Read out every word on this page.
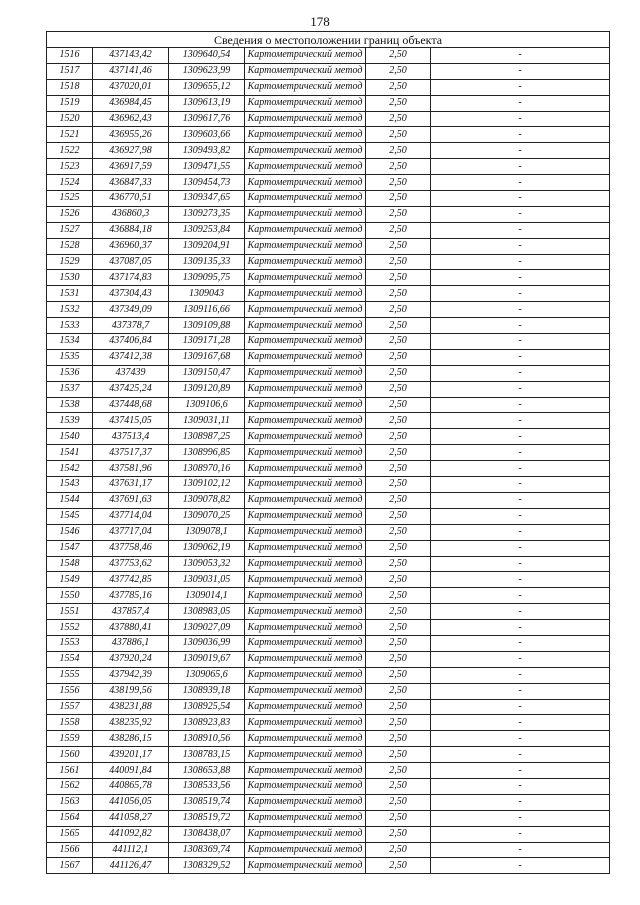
178
Сведения о местоположении границ объекта					
1516	437143,42	1309640,54	Картометрический метод	2,50	-
1517	437141,46	1309623,99	Картометрический метод	2,50	-
1518	437020,01	1309655,12	Картометрический метод	2,50	-
1519	436984,45	1309613,19	Картометрический метод	2,50	-
1520	436962,43	1309617,76	Картометрический метод	2,50	-
1521	436955,26	1309603,66	Картометрический метод	2,50	-
1522	436927,98	1309493,82	Картометрический метод	2,50	-
1523	436917,59	1309471,55	Картометрический метод	2,50	-
1524	436847,33	1309454,73	Картометрический метод	2,50	-
1525	436770,51	1309347,65	Картометрический метод	2,50	-
1526	436860,3	1309273,35	Картометрический метод	2,50	-
1527	436884,18	1309253,84	Картометрический метод	2,50	-
1528	436960,37	1309204,91	Картометрический метод	2,50	-
1529	437087,05	1309135,33	Картометрический метод	2,50	-
1530	437174,83	1309095,75	Картометрический метод	2,50	-
1531	437304,43	1309043	Картометрический метод	2,50	-
1532	437349,09	1309116,66	Картометрический метод	2,50	-
1533	437378,7	1309109,88	Картометрический метод	2,50	-
1534	437406,84	1309171,28	Картометрический метод	2,50	-
1535	437412,38	1309167,68	Картометрический метод	2,50	-
1536	437439	1309150,47	Картометрический метод	2,50	-
1537	437425,24	1309120,89	Картометрический метод	2,50	-
1538	437448,68	1309106,6	Картометрический метод	2,50	-
1539	437415,05	1309031,11	Картометрический метод	2,50	-
1540	437513,4	1308987,25	Картометрический метод	2,50	-
1541	437517,37	1308996,85	Картометрический метод	2,50	-
1542	437581,96	1308970,16	Картометрический метод	2,50	-
1543	437631,17	1309102,12	Картометрический метод	2,50	-
1544	437691,63	1309078,82	Картометрический метод	2,50	-
1545	437714,04	1309070,25	Картометрический метод	2,50	-
1546	437717,04	1309078,1	Картометрический метод	2,50	-
1547	437758,46	1309062,19	Картометрический метод	2,50	-
1548	437753,62	1309053,32	Картометрический метод	2,50	-
1549	437742,85	1309031,05	Картометрический метод	2,50	-
1550	437785,16	1309014,1	Картометрический метод	2,50	-
1551	437857,4	1308983,05	Картометрический метод	2,50	-
1552	437880,41	1309027,09	Картометрический метод	2,50	-
1553	437886,1	1309036,99	Картометрический метод	2,50	-
1554	437920,24	1309019,67	Картометрический метод	2,50	-
1555	437942,39	1309065,6	Картометрический метод	2,50	-
1556	438199,56	1308939,18	Картометрический метод	2,50	-
1557	438231,88	1308925,54	Картометрический метод	2,50	-
1558	438235,92	1308923,83	Картометрический метод	2,50	-
1559	438286,15	1308910,56	Картометрический метод	2,50	-
1560	439201,17	1308783,15	Картометрический метод	2,50	-
1561	440091,84	1308653,88	Картометрический метод	2,50	-
1562	440865,78	1308533,56	Картометрический метод	2,50	-
1563	441056,05	1308519,74	Картометрический метод	2,50	-
1564	441058,27	1308519,72	Картометрический метод	2,50	-
1565	441092,82	1308438,07	Картометрический метод	2,50	-
1566	441112,1	1308369,74	Картометрический метод	2,50	-
1567	441126,47	1308329,52	Картометрический метод	2,50	-
